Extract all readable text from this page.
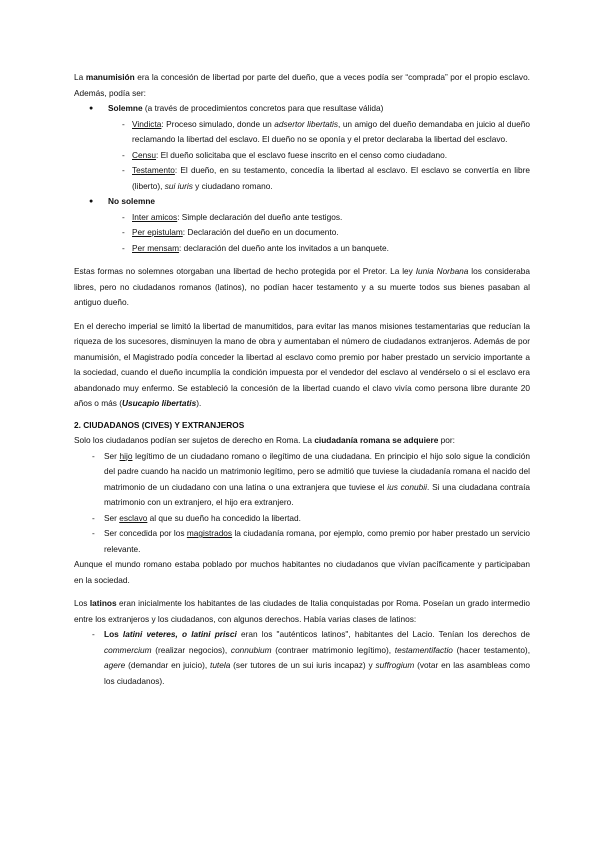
La manumisión era la concesión de libertad por parte del dueño, que a veces podía ser “comprada” por el propio esclavo. Además, podía ser:

● Solemne (a través de procedimientos concretos para que resultase válida)
- Vindicta: Proceso simulado, donde un adsertor libertatis, un amigo del dueño demandaba en juicio al dueño reclamando la libertad del esclavo. El dueño no se oponía y el pretor declaraba la libertad del esclavo.
- Censu: El dueño solicitaba que el esclavo fuese inscrito en el censo como ciudadano.
- Testamento: El dueño, en su testamento, concedía la libertad al esclavo. El esclavo se convertía en libre (liberto), sui iuris y ciudadano romano.
● No solemne
- Inter amicos: Simple declaración del dueño ante testigos.
- Per epistulam: Declaración del dueño en un documento.
- Per mensam: declaración del dueño ante los invitados a un banquete.

Estas formas no solemnes otorgaban una libertad de hecho protegida por el Pretor. La ley Iunia Norbana los consideraba libres, pero no ciudadanos romanos (latinos), no podían hacer testamento y a su muerte todos sus bienes pasaban al antiguo dueño.

En el derecho imperial se limitó la libertad de manumitidos, para evitar las manos misiones testamentarias que reducían la riqueza de los sucesores, disminuyen la mano de obra y aumentaban el número de ciudadanos extranjeros. Además de por manumisión, el Magistrado podía conceder la libertad al esclavo como premio por haber prestado un servicio importante a la sociedad, cuando el dueño incumplía la condición impuesta por el vendedor del esclavo al vendérselo o si el esclavo era abandonado muy enfermo. Se estableció la concesión de la libertad cuando el clavo vivía como persona libre durante 20 años o más (Usucapio libertatis).

2. CIUDADANOS (CIVES) Y EXTRANJEROS

Solo los ciudadanos podían ser sujetos de derecho en Roma. La ciudadanía romana se adquiere por:

- Ser hijo legítimo de un ciudadano romano o ilegítimo de una ciudadana. En principio el hijo solo sigue la condición del padre cuando ha nacido un matrimonio legítimo, pero se admitió que tuviese la ciudadanía romana el nacido del matrimonio de un ciudadano con una latina o una extranjera que tuviese el ius conubii. Si una ciudadana contraía matrimonio con un extranjero, el hijo era extranjero.
- Ser esclavo al que su dueño ha concedido la libertad.
- Ser concedida por los magistrados la ciudadanía romana, por ejemplo, como premio por haber prestado un servicio relevante.

Aunque el mundo romano estaba poblado por muchos habitantes no ciudadanos que vivían pacíficamente y participaban en la sociedad.

Los latinos eran inicialmente los habitantes de las ciudades de Italia conquistadas por Roma. Poseían un grado intermedio entre los extranjeros y los ciudadanos, con algunos derechos. Había varias clases de latinos:

- Los latini veteres, o latini prisci eran los "auténticos latinos", habitantes del Lacio. Tenían los derechos de commercium (realizar negocios), connubium (contraer matrimonio legítimo), testamentifactio (hacer testamento), agere (demandar en juicio), tutela (ser tutores de un sui iuris incapaz) y suffrogium (votar en las asambleas como los ciudadanos).
